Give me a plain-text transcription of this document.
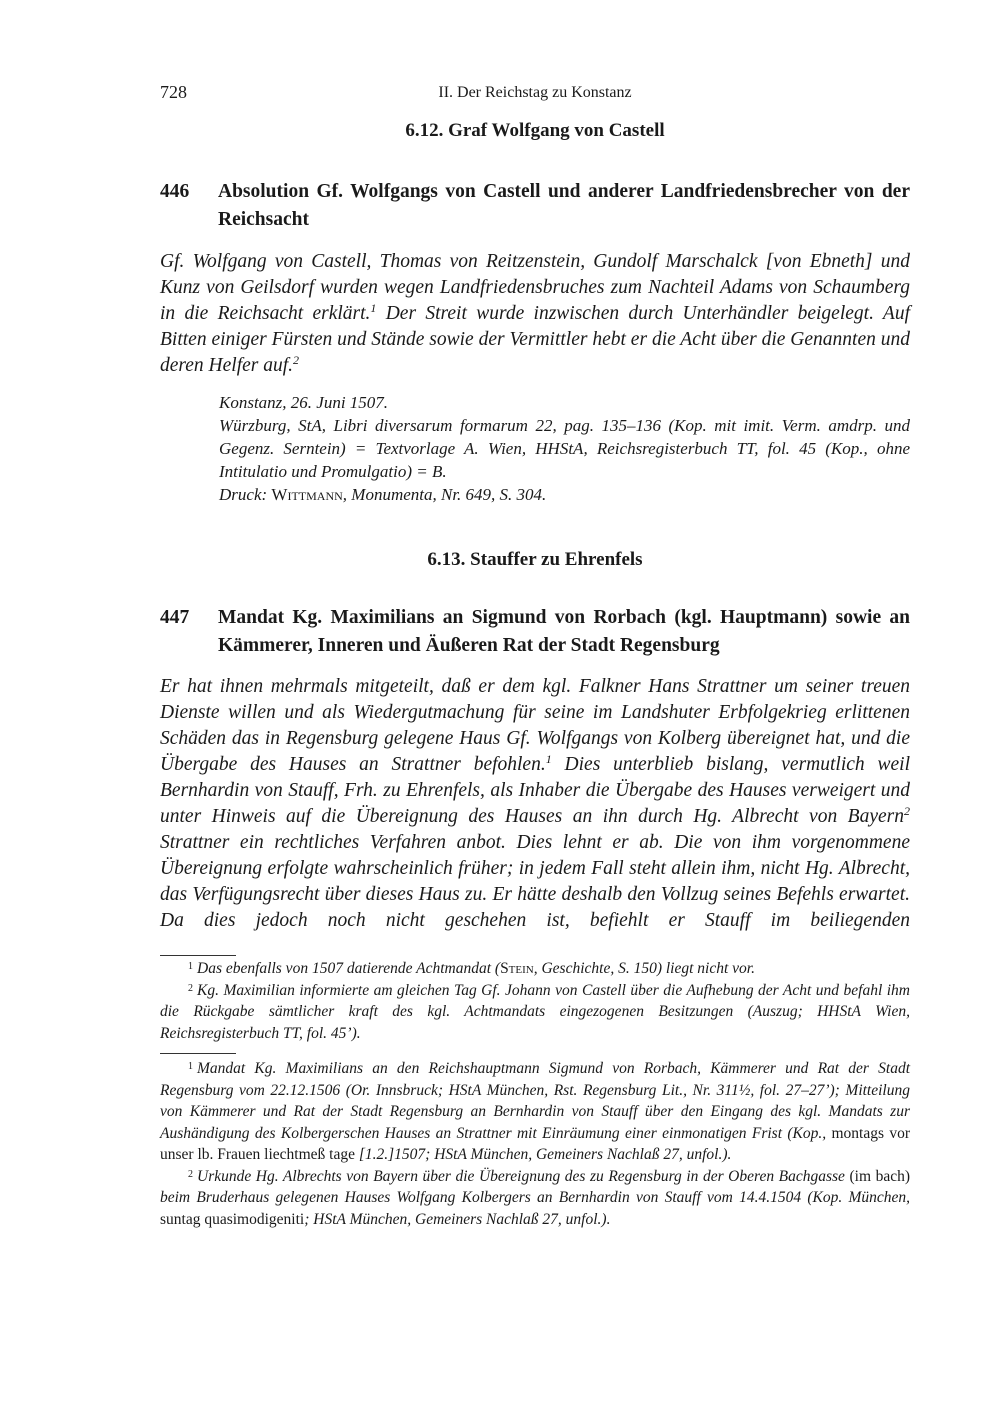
728	II. Der Reichstag zu Konstanz
6.12. Graf Wolfgang von Castell
446 Absolution Gf. Wolfgangs von Castell und anderer Landfriedensbrecher von der Reichsacht

Gf. Wolfgang von Castell, Thomas von Reitzenstein, Gundolf Marschalck [von Ebneth] und Kunz von Geilsdorf wurden wegen Landfriedensbruches zum Nachteil Adams von Schaumberg in die Reichsacht erklärt.$^1$ Der Streit wurde inzwischen durch Unterhändler beigelegt. Auf Bitten einiger Fürsten und Stände sowie der Vermittler hebt er die Acht über die Genannten und deren Helfer auf.$^2$

Konstanz, 26. Juni 1507.
Würzburg, StA, Libri diversarum formarum 22, pag. 135–136 (Kop. mit imit. Verm. amdrp. und Gegenz. Serntein) = Textvorlage A. Wien, HHStA, Reichsregisterbuch TT, fol. 45 (Kop., ohne Intitulatio und Promulgatio) = B.
Druck: Wittmann, Monumenta, Nr. 649, S. 304.
6.13. Stauffer zu Ehrenfels
447 Mandat Kg. Maximilians an Sigmund von Rorbach (kgl. Hauptmann) sowie an Kämmerer, Inneren und Äußeren Rat der Stadt Regensburg

Er hat ihnen mehrmals mitgeteilt, daß er dem kgl. Falkner Hans Strattner um seiner treuen Dienste willen und als Wiedergutmachung für seine im Landshuter Erbfolgekrieg erlittenen Schäden das in Regensburg gelegene Haus Gf. Wolfgangs von Kolberg übereignet hat, und die Übergabe des Hauses an Strattner befohlen.$^1$ Dies unterblieb bislang, vermutlich weil Bernhardin von Stauff, Frh. zu Ehrenfels, als Inhaber die Übergabe des Hauses verweigert und unter Hinweis auf die Übereignung des Hauses an ihn durch Hg. Albrecht von Bayern$^2$ Strattner ein rechtliches Verfahren anbot. Dies lehnt er ab. Die von ihm vorgenommene Übereignung erfolgte wahrscheinlich früher; in jedem Fall steht allein ihm, nicht Hg. Albrecht, das Verfügungsrecht über dieses Haus zu. Er hätte deshalb den Vollzug seines Befehls erwartet. Da dies jedoch noch nicht geschehen ist, befiehlt er Stauff im beiliegenden

$^1$ Das ebenfalls von 1507 datierende Achtmandat (Stein, Geschichte, S. 150) liegt nicht vor.

$^2$ Kg. Maximilian informierte am gleichen Tag Gf. Johann von Castell über die Aufhebung der Acht und befahl ihm die Rückgabe sämtlicher kraft des kgl. Achtmandats eingezogenen Besitzungen (Auszug; HHStA Wien, Reichsregisterbuch TT, fol. 45’).

$^1$ Mandat Kg. Maximilians an den Reichshauptmann Sigmund von Rorbach, Kämmerer und Rat der Stadt Regensburg vom 22.12.1506 (Or. Innsbruck; HStA München, Rst. Regensburg Lit., Nr. 311½, fol. 27–27’); Mitteilung von Kämmerer und Rat der Stadt Regensburg an Bernhardin von Stauff über den Eingang des kgl. Mandats zur Aushändigung des Kolbergerschen Hauses an Strattner mit Einräumung einer einmonatigen Frist (Kop., montags vor unser lb. Frauen liechtmeß tage [1.2.]1507; HStA München, Gemeiners Nachlaß 27, unfol.).

$^2$ Urkunde Hg. Albrechts von Bayern über die Übereignung des zu Regensburg in der Oberen Bachgasse (im bach) beim Bruderhaus gelegenen Hauses Wolfgang Kolbergers an Bernhardin von Stauff vom 14.4.1504 (Kop. München, suntag quasimodigeniti; HStA München, Gemeiners Nachlaß 27, unfol.).
